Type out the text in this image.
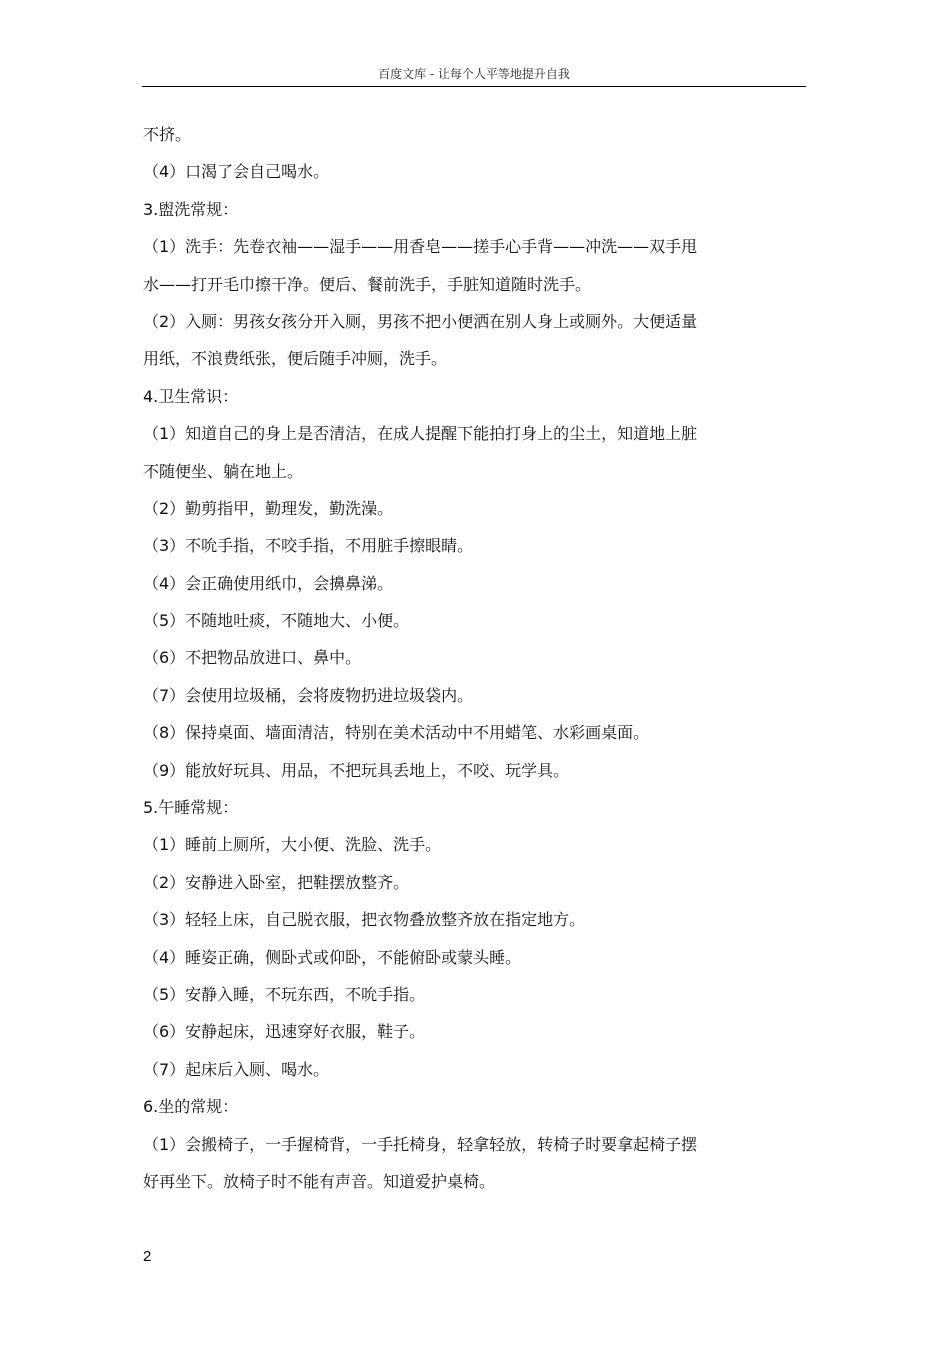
百度文库 - 让每个人平等地提升自我
不挤。
（4）口渴了会自己喝水。
3.盥洗常规：
（1）洗手：先卷衣袖——湿手——用香皂——搓手心手背——冲洗——双手甩
水——打开毛巾擦干净。便后、餐前洗手，手脏知道随时洗手。
（2）入厕：男孩女孩分开入厕，男孩不把小便洒在别人身上或厕外。大便适量
用纸，不浪费纸张，便后随手冲厕，洗手。
4.卫生常识：
（1）知道自己的身上是否清洁，在成人提醒下能拍打身上的尘土，知道地上脏
不随便坐、躺在地上。
（2）勤剪指甲，勤理发，勤洗澡。
（3）不吮手指，不咬手指，不用脏手擦眼睛。
（4）会正确使用纸巾，会擤鼻涕。
（5）不随地吐痰，不随地大、小便。
（6）不把物品放进口、鼻中。
（7）会使用垃圾桶，会将废物扔进垃圾袋内。
（8）保持桌面、墙面清洁，特别在美术活动中不用蜡笔、水彩画桌面。
（9）能放好玩具、用品，不把玩具丢地上，不咬、玩学具。
5.午睡常规：
（1）睡前上厕所，大小便、洗脸、洗手。
（2）安静进入卧室，把鞋摆放整齐。
（3）轻轻上床，自己脱衣服，把衣物叠放整齐放在指定地方。
（4）睡姿正确，侧卧式或仰卧，不能俯卧或蒙头睡。
（5）安静入睡，不玩东西，不吮手指。
（6）安静起床，迅速穿好衣服，鞋子。
（7）起床后入厕、喝水。
6.坐的常规：
（1）会搬椅子，一手握椅背，一手托椅身，轻拿轻放，转椅子时要拿起椅子摆
好再坐下。放椅子时不能有声音。知道爱护桌椅。
2
